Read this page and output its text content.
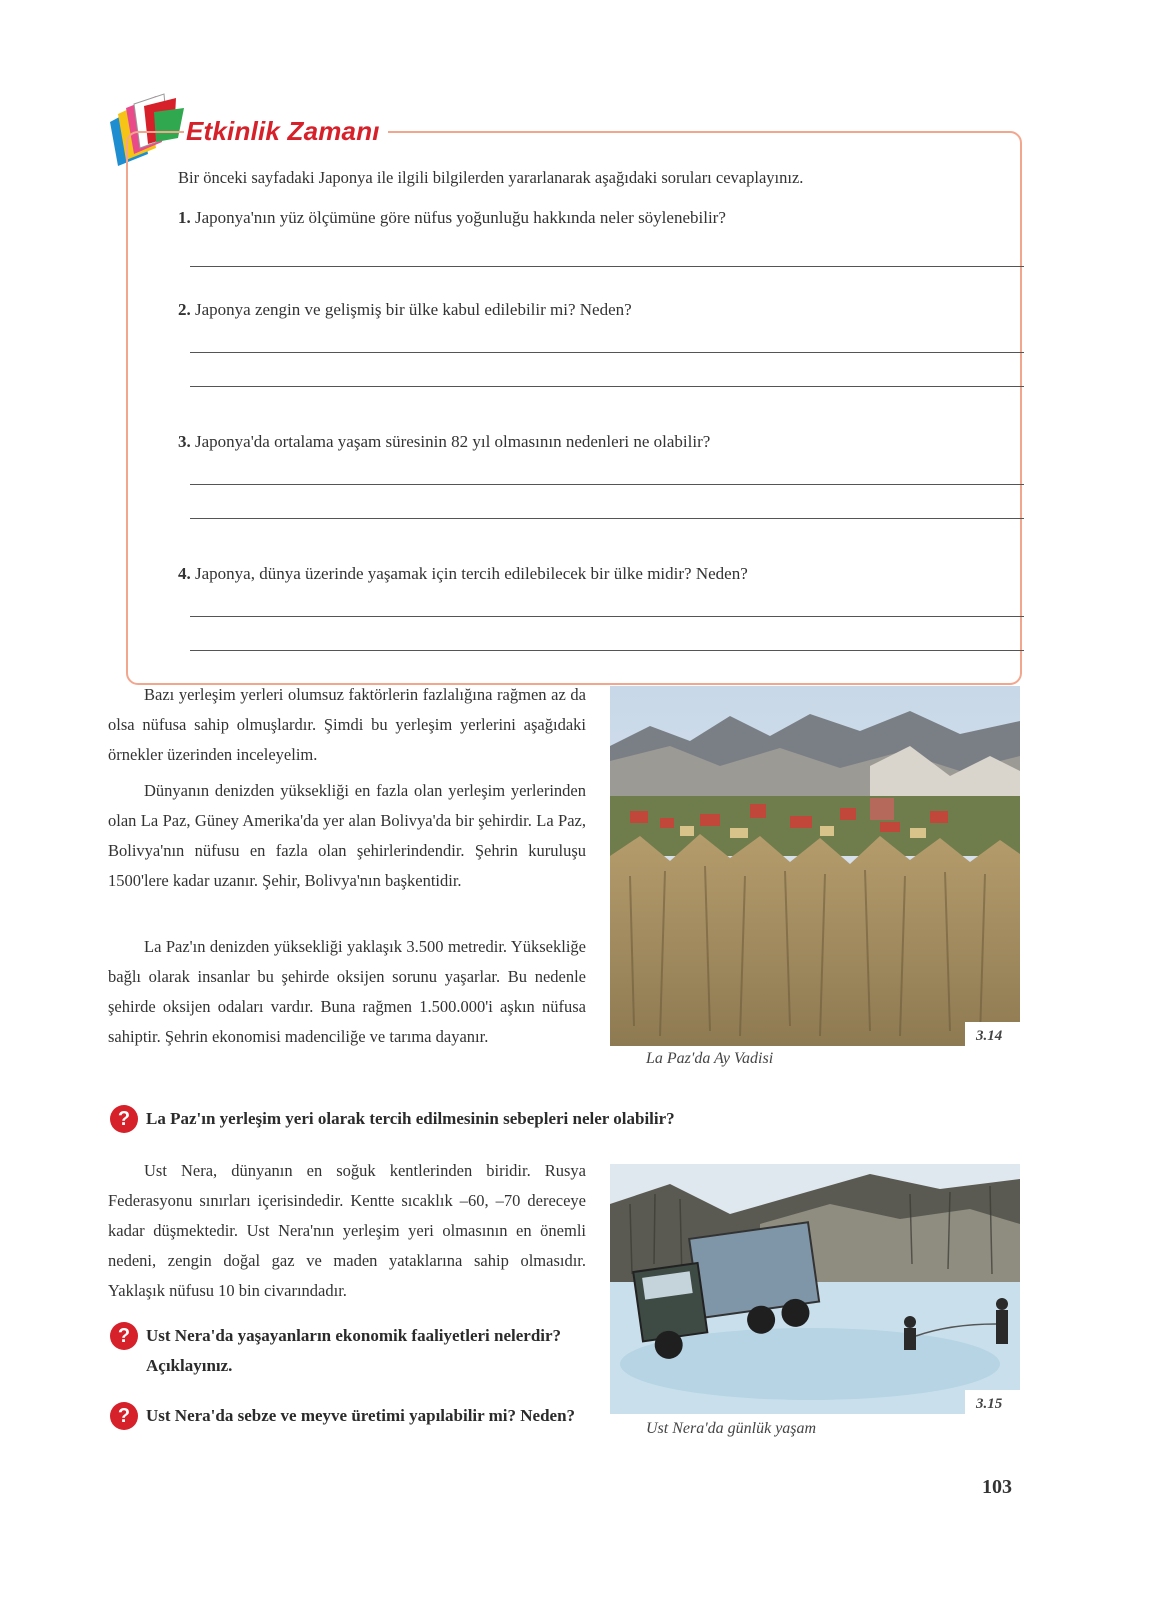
Etkinlik Zamanı
Bir önceki sayfadaki Japonya ile ilgili bilgilerden yararlanarak aşağıdaki soruları cevaplayınız.
1. Japonya'nın yüz ölçümüne göre nüfus yoğunluğu hakkında neler söylenebilir?
2. Japonya zengin ve gelişmiş bir ülke kabul edilebilir mi? Neden?
3. Japonya'da ortalama yaşam süresinin 82 yıl olmasının nedenleri ne olabilir?
4. Japonya, dünya üzerinde yaşamak için tercih edilebilecek bir ülke midir? Neden?

Bazı yerleşim yerleri olumsuz faktörlerin fazlalığına rağmen az da olsa nüfusa sahip olmuşlardır. Şimdi bu yerleşim yerlerini aşağıdaki örnekler üzerinden inceleyelim.

Dünyanın denizden yüksekliği en fazla olan yerleşim yerlerinden olan La Paz, Güney Amerika'da yer alan Bolivya'da bir şehirdir. La Paz, Bolivya'nın nüfusu en fazla olan şehirlerindendir. Şehrin kuruluşu 1500'lere kadar uzanır. Şehir, Bolivya'nın başkentidir.

La Paz'ın denizden yüksekliği yaklaşık 3.500 metredir. Yüksekliğe bağlı olarak insanlar bu şehirde oksijen sorunu yaşarlar. Bu nedenle şehirde oksijen odaları vardır. Buna rağmen 1.500.000'i aşkın nüfusa sahiptir. Şehrin ekonomisi madenciliğe ve tarıma dayanır.	3.14
La Paz'da Ay Vadisi
? La Paz'ın yerleşim yeri olarak tercih edilmesinin sebepleri neler olabilir?

Ust Nera, dünyanın en soğuk kentlerinden biridir. Rusya Federasyonu sınırları içerisindedir. Kentte sıcaklık –60, –70 dereceye kadar düşmektedir. Ust Nera'nın yerleşim yeri olmasının en önemli nedeni, zengin doğal gaz ve maden yataklarına sahip olmasıdır. Yaklaşık nüfusu 10 bin civarındadır.

? Ust Nera'da yaşayanların ekonomik faaliyetleri nelerdir? Açıklayınız.

? Ust Nera'da sebze ve meyve üretimi yapılabilir mi? Neden?

3.15
Ust Nera'da günlük yaşam
103
